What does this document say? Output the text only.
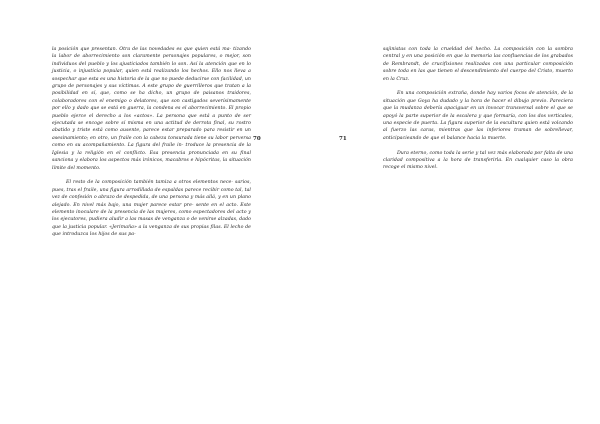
la posición que presentan. Otra de las novedades es que quien está ma- tizando la labor de aborrecimiento son claramente personajes populares, o mejor, son individuos del pueblo y los ajusticiados también lo son. Así la atención que en lo justicia, o injusticia popular, quien está realizando los hechos. Ello nos lleva a sospechar que esta es una historia de la que no puede deducirse con facilidad, un grupo de personajes y sus víctimas. A este grupo de guerrilleros que tratan a la posibilidad en sí, que, como se ha dicho, un grupo de paisanos traidores, colaboradores con el enemigo o delatores, que son castigados severísimamente por ello y dado que se está en guerra, la condena es el aborrecimiento. El propio pueblo ejerce el derecho a los «actos». La persona que está a punto de ser ejecutada se encoge sobre sí misma en una actitud de derrota final, su rostro abatido y triste está como ausente, parece estar preparado para resistir en un asesinamiento; en otro, un fraile con la cabeza tonsurada tiene su labor perversa como en su acompañamiento. La figura del fraile in- troduce la presencia de la Iglesia y la religión en el conflicto. Esa presencia pronunciada en su final sanciona y elabora los aspectos más irónicos, macabros e hipócritas, la situación límite del momento.

El resto de la composición también tamiza a otros elementos nece- sarios, pues, tras el fraile, una figura arrodillada de espaldas parece recibir como tal, tal vez de confesión o abrazo de despedida, de una persona y más allá, y en un plano alejado. En nivel más bajo, una mujer parece estar pre- sente en el acto. Este elemento inoculare de la presencia de las mujeres, como espectadores del acto y los ejecutores, pudiera aludir a las masas de venganza o de venirse alzadas, dado que la justicia popular. «Jerimaña» a la venganza de sus propias filas. El lecho de que introduzca los hijos de sus pa-

70	71

sajinistas con toda la crueldad del hecho. La composición con la sombra central y en una posición en que la memoria las confluencias de los grabados de Rembrandt, de crucifixiones realizadas con una particular composición sobre toda en las que tienen el descendimiento del cuerpo del Cristo, muerto en la Cruz.

En una composición extraña, donde hay varios focos de atención, de la situación que Goya ha dudado y la hora de hacer el dibujo previo. Pareciera que la mudanza debería apaciguar en un invocar transversal sobre el que se apoyó la parte superior de la escalera y que formaría, con los dos verticales, una especie de puerta. La figura superior de la escultura quien está volcando al fuerzo las caras, mientras que las inferiores traman de sobrellevar, anticipacieando de que el balance hacia la muerte.

Dura eterno, como toda la serie y tal vez más elaborada por falta de una claridad compositiva a la hora de transferirla. En cualquier caso la obra recoge el mismo nivel.
